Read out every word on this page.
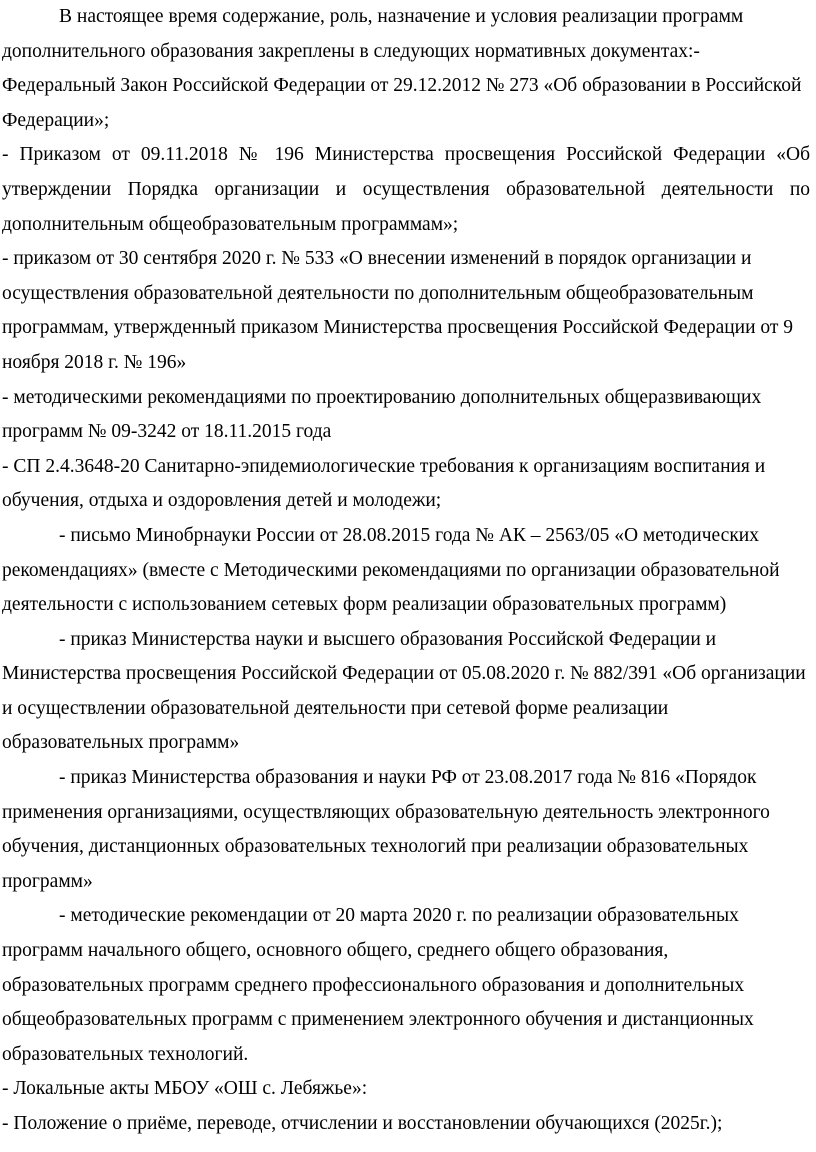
В настоящее время содержание, роль, назначение и условия реализации программ дополнительного образования закреплены в следующих нормативных документах:- Федеральный Закон Российской Федерации от 29.12.2012 № 273 «Об образовании в Российской Федерации»;

- Приказом от 09.11.2018 № 196 Министерства просвещения Российской Федерации «Об утверждении Порядка организации и осуществления образовательной деятельности по дополнительным общеобразовательным программам»;

- приказом от 30 сентября 2020 г. № 533 «О внесении изменений в порядок организации и осуществления образовательной деятельности по дополнительным общеобразовательным программам, утвержденный приказом Министерства просвещения Российской Федерации от 9 ноября 2018 г. № 196»

- методическими рекомендациями по проектированию дополнительных общеразвивающих программ № 09-3242 от 18.11.2015 года

- СП 2.4.3648-20 Санитарно-эпидемиологические требования к организациям воспитания и обучения, отдыха и оздоровления детей и молодежи;

- письмо Минобрнауки России от 28.08.2015 года № АК – 2563/05 «О методических рекомендациях» (вместе с Методическими рекомендациями по организации образовательной деятельности с использованием сетевых форм реализации образовательных программ)

- приказ Министерства науки и высшего образования Российской Федерации и Министерства просвещения Российской Федерации от 05.08.2020 г. № 882/391 «Об организации и осуществлении образовательной деятельности при сетевой форме реализации образовательных программ»

- приказ Министерства образования и науки РФ от 23.08.2017 года № 816 «Порядок применения организациями, осуществляющих образовательную деятельность электронного обучения, дистанционных образовательных технологий при реализации образовательных программ»

- методические рекомендации от 20 марта 2020 г. по реализации образовательных программ начального общего, основного общего, среднего общего образования, образовательных программ среднего профессионального образования и дополнительных общеобразовательных программ с применением электронного обучения и дистанционных образовательных технологий.

- Локальные акты МБОУ «ОШ с. Лебяжье»:

- Положение о приёме, переводе, отчислении и восстановлении обучающихся (2025г.);
